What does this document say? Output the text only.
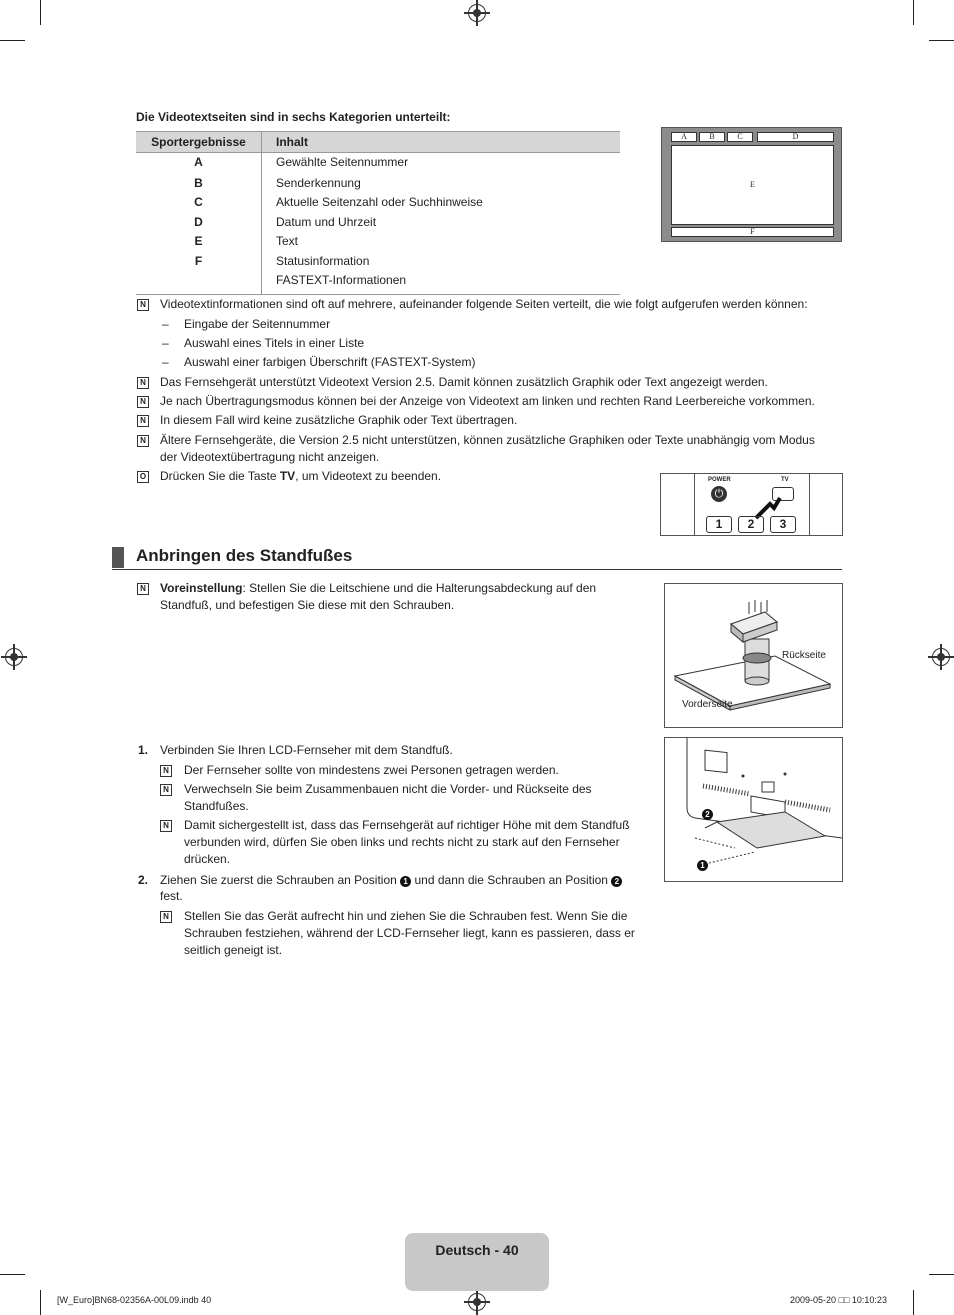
Die Videotextseiten sind in sechs Kategorien unterteilt:
Sportergebnisse	Inhalt
A	Gewählte Seitennummer
B	Senderkennung
C	Aktuelle Seitenzahl oder Suchhinweise
D	Datum und Uhrzeit
E	Text
F	Statusinformation
	FASTEXT-Informationen
A	B	C	D
E
F
N Videotextinformationen sind oft auf mehrere, aufeinander folgende Seiten verteilt, die wie folgt aufgerufen werden können:
– Eingabe der Seitennummer
– Auswahl eines Titels in einer Liste
– Auswahl einer farbigen Überschrift (FASTEXT-System)
N Das Fernsehgerät unterstützt Videotext Version 2.5. Damit können zusätzlich Graphik oder Text angezeigt werden.
N Je nach Übertragungsmodus können bei der Anzeige von Videotext am linken und rechten Rand Leerbereiche vorkommen.
N In diesem Fall wird keine zusätzliche Graphik oder Text übertragen.
N Ältere Fernsehgeräte, die Version 2.5 nicht unterstützen, können zusätzliche Graphiken oder Texte unabhängig vom Modus
der Videotextübertragung nicht anzeigen.
O Drücken Sie die Taste TV, um Videotext zu beenden.	POWER
⏻
TV
1	2	3
Anbringen des Standfußes
N Voreinstellung: Stellen Sie die Leitschiene und die Halterungsabdeckung auf den
Standfuß, und befestigen Sie diese mit den Schrauben.
Rückseite
Vorderseite
1. Verbinden Sie Ihren LCD-Fernseher mit dem Standfuß.
N Der Fernseher sollte von mindestens zwei Personen getragen werden.
N Verwechseln Sie beim Zusammenbauen nicht die Vorder- und Rückseite des
Standfußes.
N Damit sichergestellt ist, dass das Fernsehgerät auf richtiger Höhe mit dem Standfuß
verbunden wird, dürfen Sie oben links und rechts nicht zu stark auf den Fernseher
drücken.
2. Ziehen Sie zuerst die Schrauben an Position 1 und dann die Schrauben an Position 2
fest.
N Stellen Sie das Gerät aufrecht hin und ziehen Sie die Schrauben fest. Wenn Sie die
Schrauben festziehen, während der LCD-Fernseher liegt, kann es passieren, dass er
seitlich geneigt ist.
2
1
Deutsch - 40
[W_Euro]BN68-02356A-00L09.indb 40	2009-05-20 □□ 10:10:23
